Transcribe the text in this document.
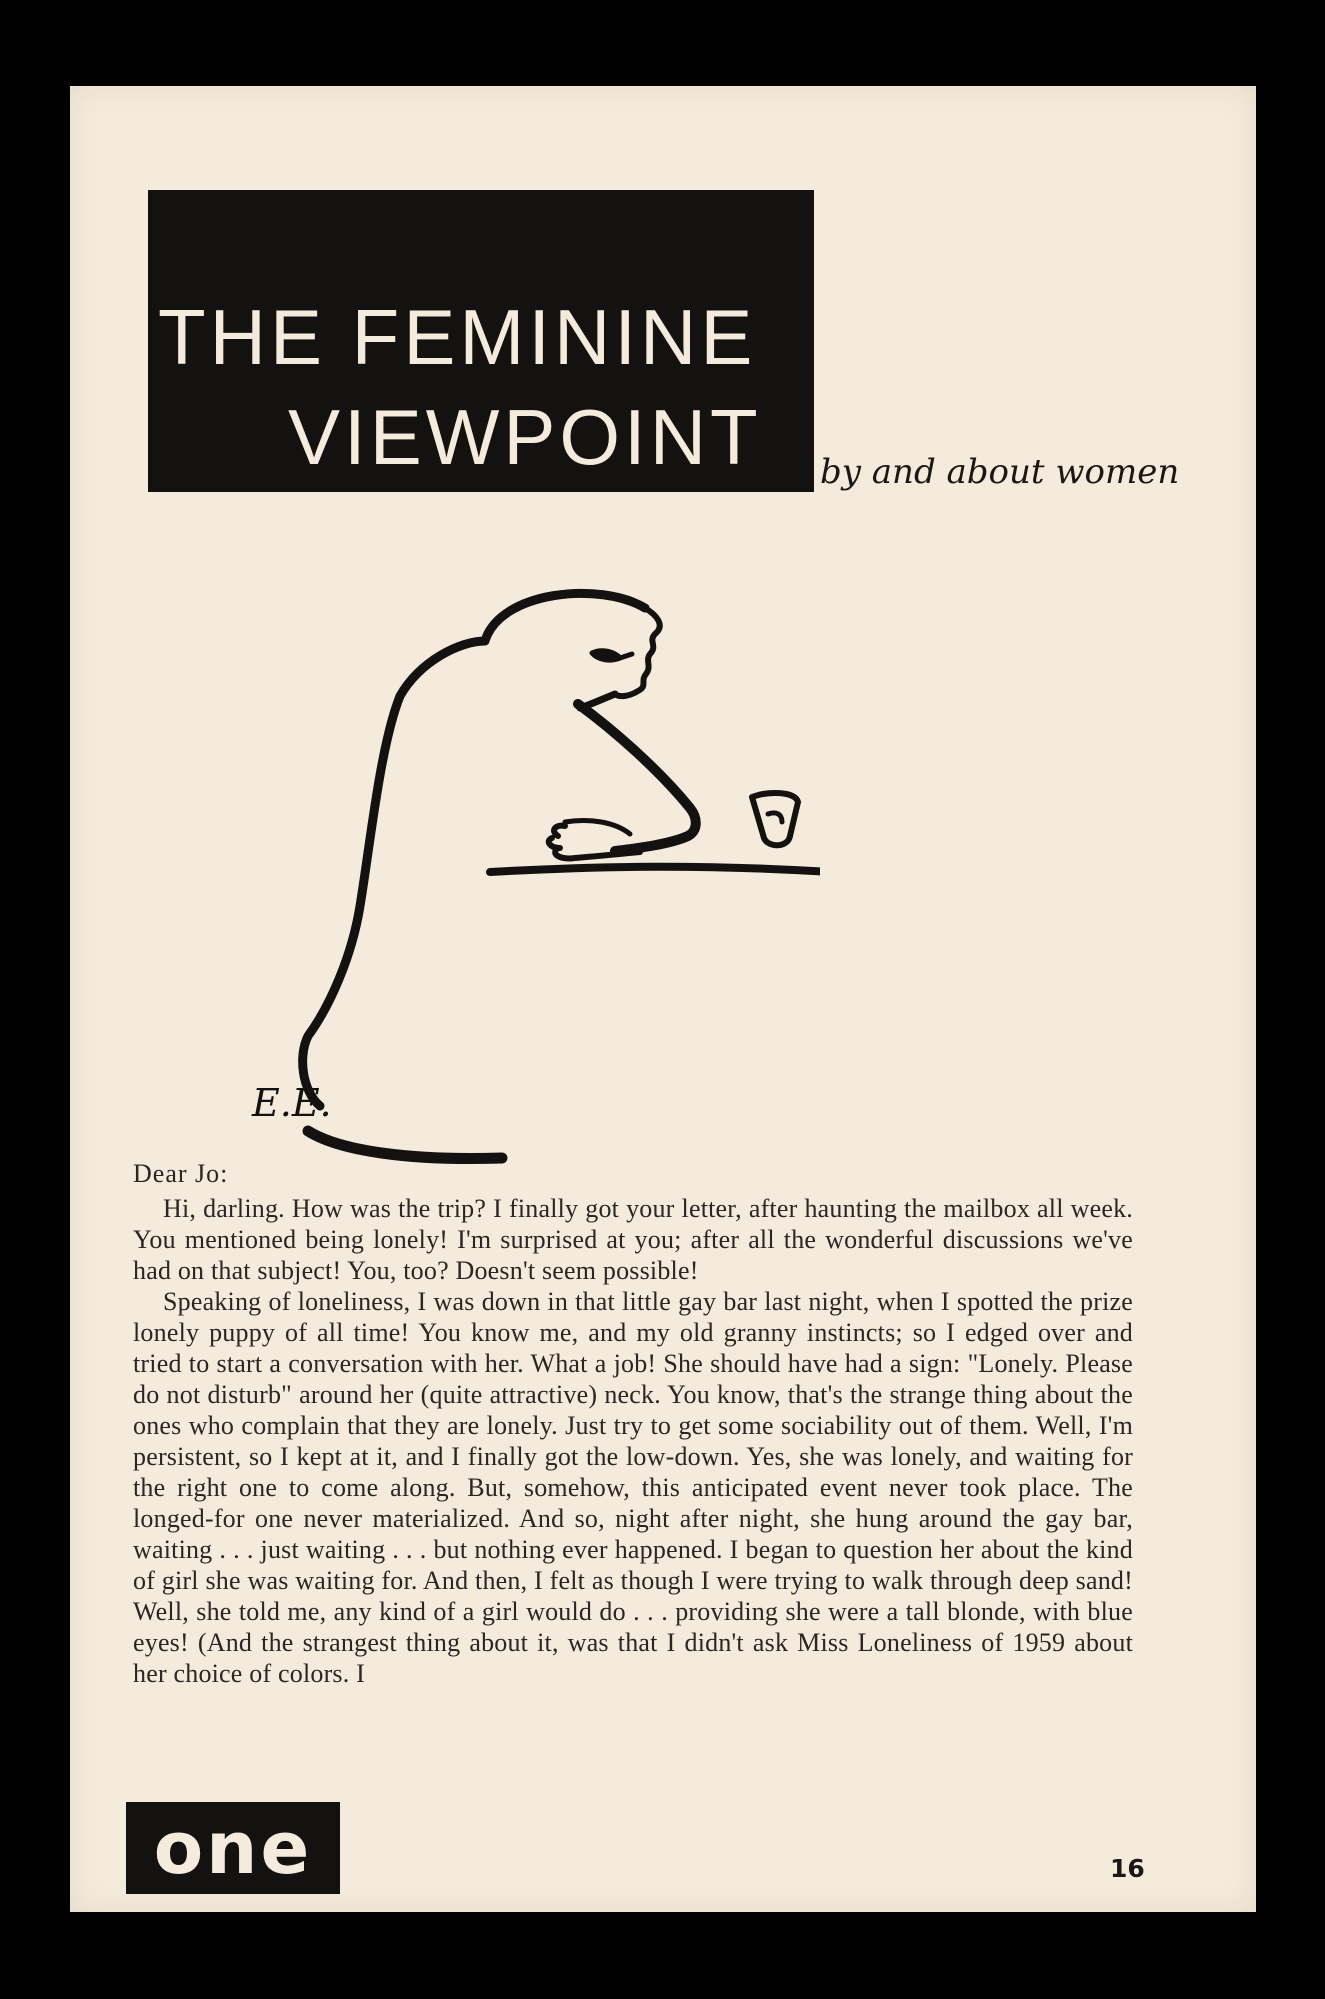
THE FEMININE
VIEWPOINT by and about women
E.E.

Dear Jo:

Hi, darling. How was the trip? I finally got your letter, after haunting the mailbox all week. You mentioned being lonely! I'm surprised at you; after all the wonderful discussions we've had on that subject! You, too? Doesn't seem possible!

Speaking of loneliness, I was down in that little gay bar last night, when I spotted the prize lonely puppy of all time! You know me, and my old granny instincts; so I edged over and tried to start a conversation with her. What a job! She should have had a sign: "Lonely. Please do not disturb" around her (quite attractive) neck. You know, that's the strange thing about the ones who complain that they are lonely. Just try to get some sociability out of them. Well, I'm persistent, so I kept at it, and I finally got the low-down. Yes, she was lonely, and waiting for the right one to come along. But, somehow, this anticipated event never took place. The longed-for one never materialized. And so, night after night, she hung around the gay bar, waiting . . . just waiting . . . but nothing ever happened. I began to question her about the kind of girl she was waiting for. And then, I felt as though I were trying to walk through deep sand! Well, she told me, any kind of a girl would do . . . providing she were a tall blonde, with blue eyes! (And the strangest thing about it, was that I didn't ask Miss Loneliness of 1959 about her choice of colors. I

one	16
